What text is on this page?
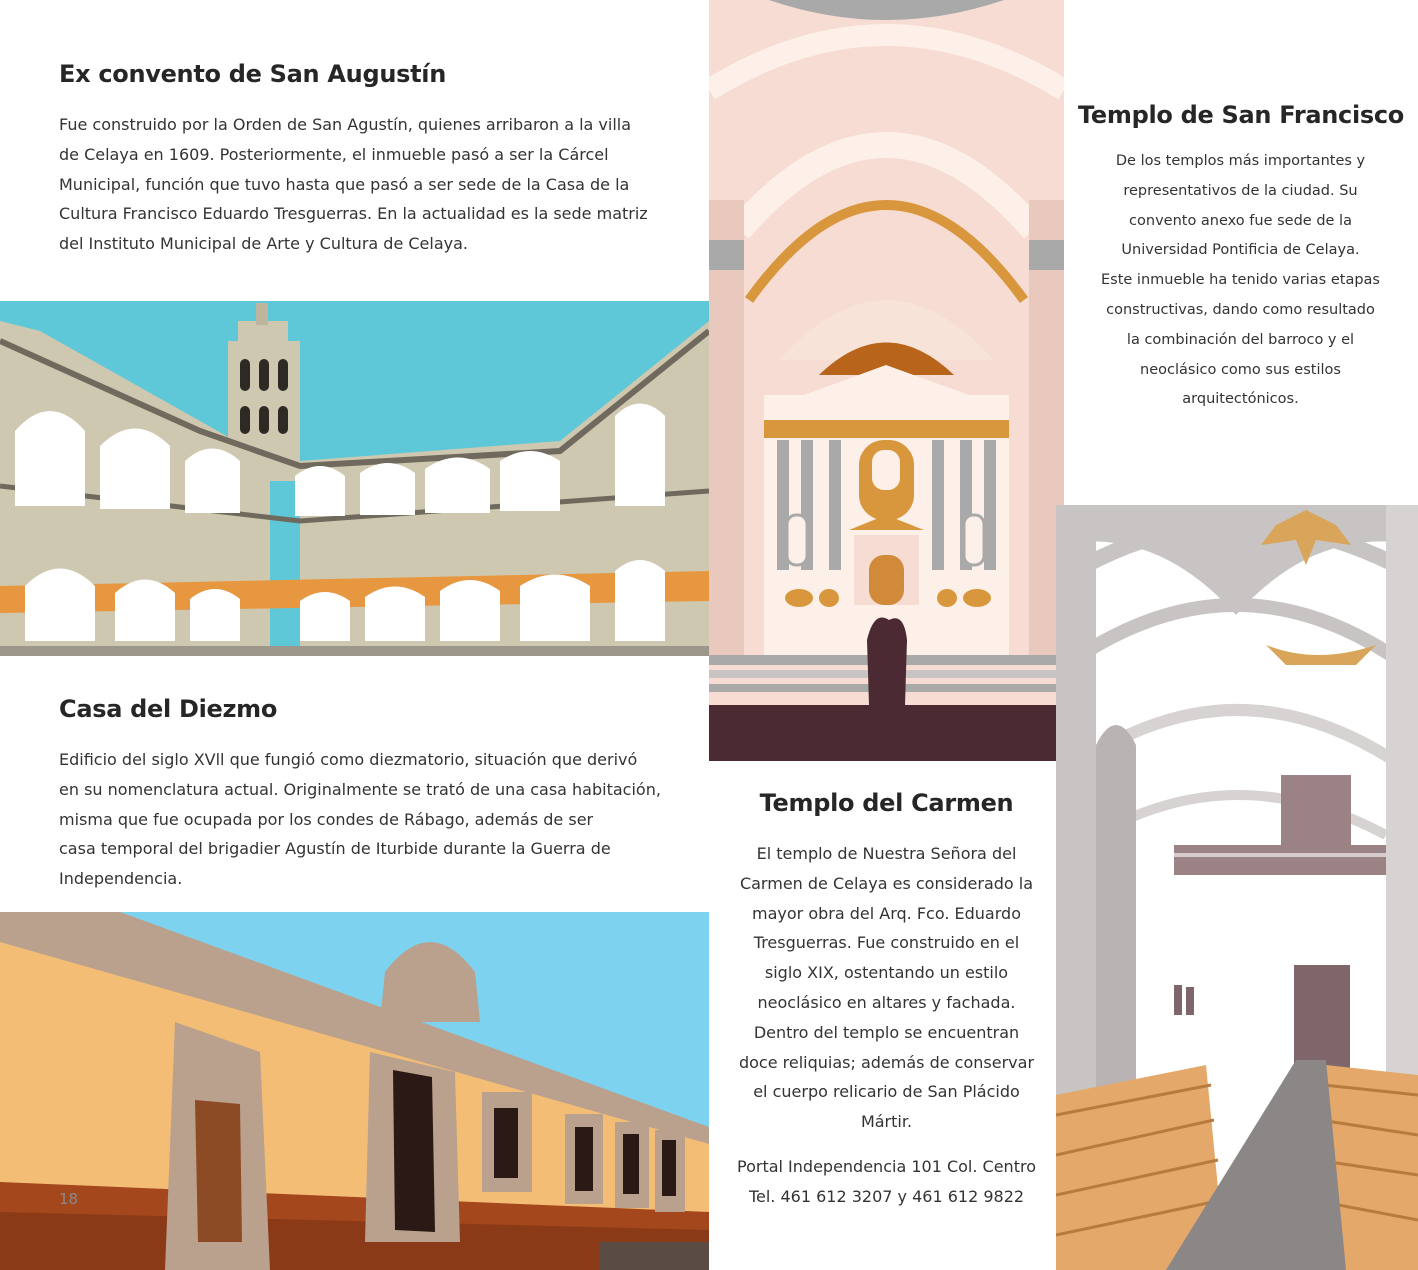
Ex convento de San Augustín

Fue construido por la Orden de San Agustín, quienes arribaron a la villa

de Celaya en 1609. Posteriormente, el inmueble pasó a ser la Cárcel

Municipal, función que tuvo hasta que pasó a ser sede de la Casa de la

Cultura Francisco Eduardo Tresguerras. En la actualidad es la sede matriz

del Instituto Municipal de Arte y Cultura de Celaya.

Casa del Diezmo

Edificio del siglo XVll que fungió como diezmatorio, situación que derivó

en su nomenclatura actual. Originalmente se trató de una casa habitación,

misma que fue ocupada por los condes de Rábago, además de ser

casa temporal del brigadier Agustín de Iturbide durante la Guerra de

Independencia.

18
Templo del Carmen

El templo de Nuestra Señora del

Carmen de Celaya es considerado la

mayor obra del Arq. Fco. Eduardo

Tresguerras. Fue construido en el

siglo XIX, ostentando un estilo

neoclásico en altares y fachada.

Dentro del templo se encuentran

doce reliquias; además de conservar

el cuerpo relicario de San Plácido

Mártir.

Portal Independencia 101 Col. Centro

Tel. 461 612 3207 y 461 612 9822

Templo de San Francisco

De los templos más importantes y

representativos de la ciudad. Su

convento anexo fue sede de la

Universidad Pontificia de Celaya.

Este inmueble ha tenido varias etapas

constructivas, dando como resultado

la combinación del barroco y el

neoclásico como sus estilos

arquitectónicos.
